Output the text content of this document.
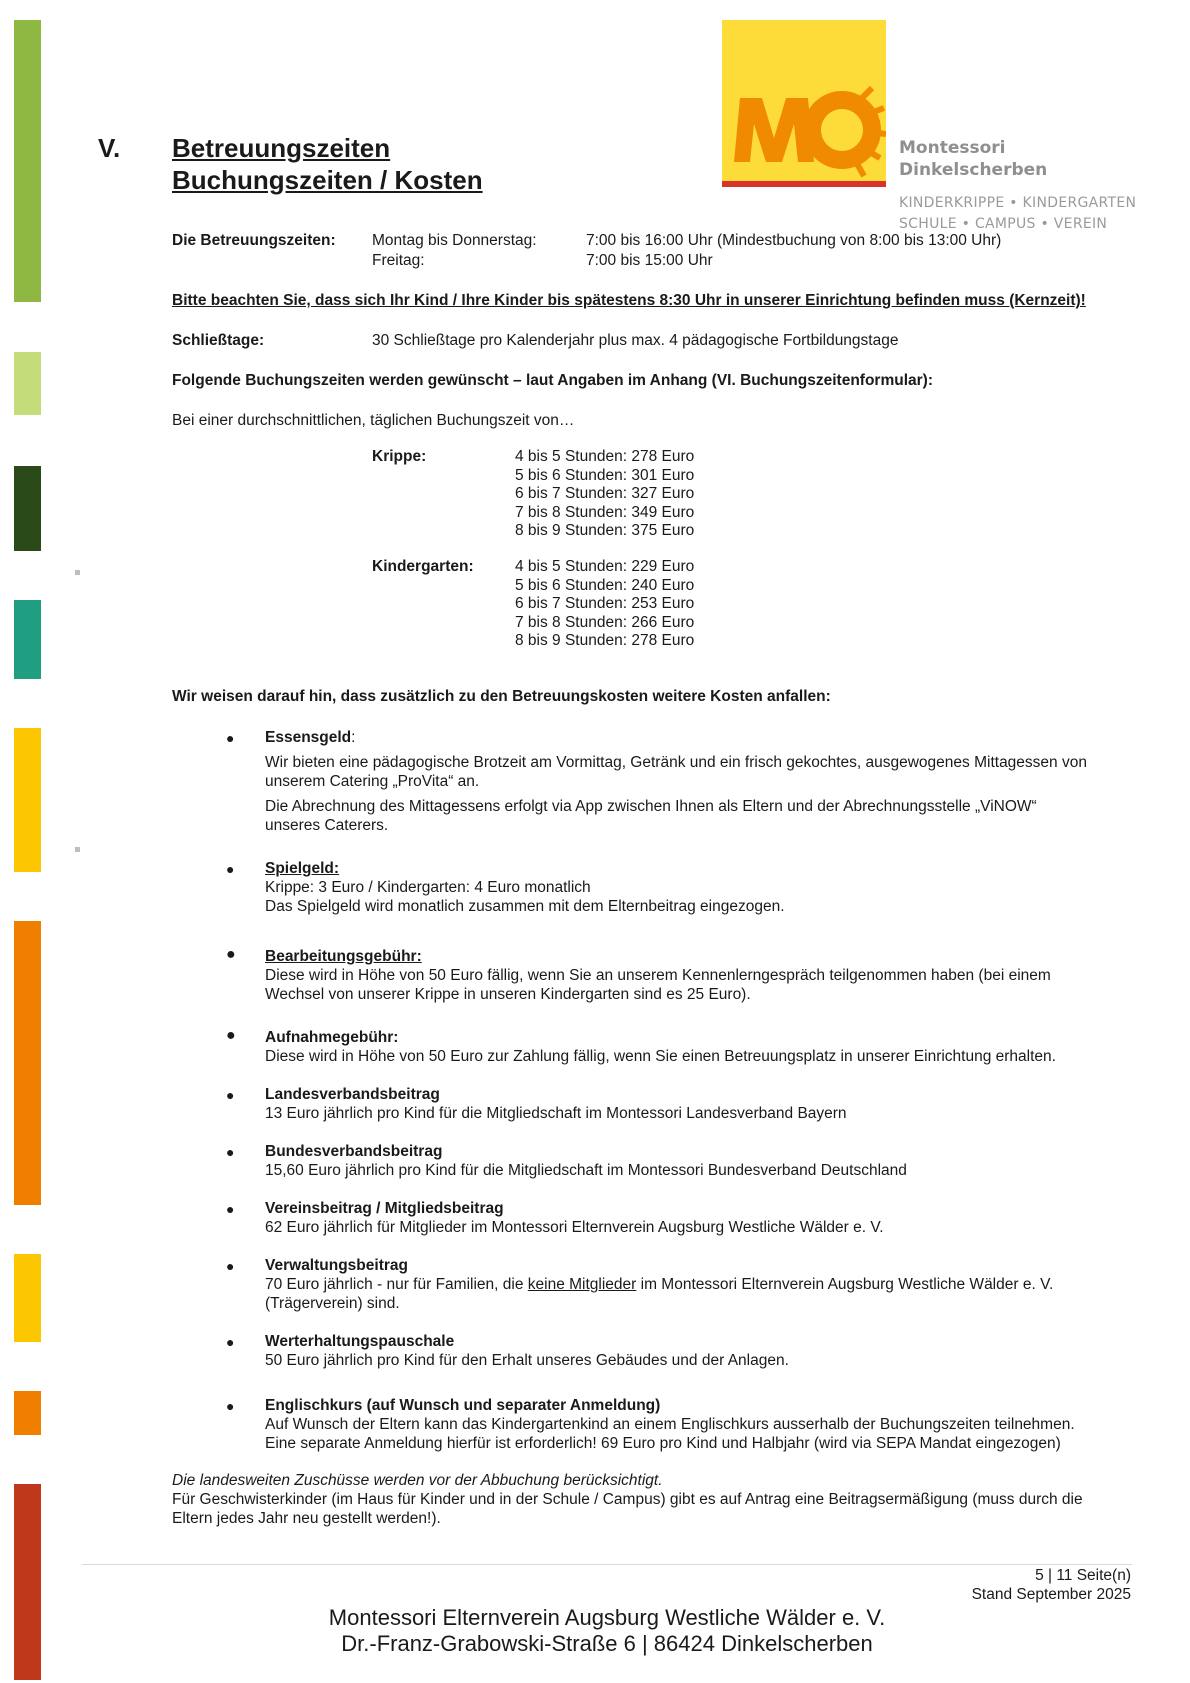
Montessori
Dinkelscherben
KINDERKRIPPE • KINDERGARTEN
SCHULE • CAMPUS • VEREIN
V. Betreuungszeiten
Buchungszeiten / Kosten
Die Betreuungszeiten: Montag bis Donnerstag:	7:00 bis 16:00 Uhr (Mindestbuchung von 8:00 bis 13:00 Uhr)
Freitag:	7:00 bis 15:00 Uhr
Bitte beachten Sie, dass sich Ihr Kind / Ihre Kinder bis spätestens 8:30 Uhr in unserer Einrichtung befinden muss (Kernzeit)!
Schließtage:	30 Schließtage pro Kalenderjahr plus max. 4 pädagogische Fortbildungstage
Folgende Buchungszeiten werden gewünscht – laut Angaben im Anhang (VI. Buchungszeitenformular):
Bei einer durchschnittlichen, täglichen Buchungszeit von…
Krippe:	4 bis 5 Stunden: 278 Euro
5 bis 6 Stunden: 301 Euro
6 bis 7 Stunden: 327 Euro
7 bis 8 Stunden: 349 Euro
8 bis 9 Stunden: 375 Euro
Kindergarten:	4 bis 5 Stunden: 229 Euro
5 bis 6 Stunden: 240 Euro
6 bis 7 Stunden: 253 Euro
7 bis 8 Stunden: 266 Euro
8 bis 9 Stunden: 278 Euro
Wir weisen darauf hin, dass zusätzlich zu den Betreuungskosten weitere Kosten anfallen:
● Essensgeld:
Wir bieten eine pädagogische Brotzeit am Vormittag, Getränk und ein frisch gekochtes, ausgewogenes Mittagessen von
unserem Catering „ProVita“ an.
Die Abrechnung des Mittagessens erfolgt via App zwischen Ihnen als Eltern und der Abrechnungsstelle „ViNOW“
unseres Caterers.
● Spielgeld:
Krippe: 3 Euro / Kindergarten: 4 Euro monatlich
Das Spielgeld wird monatlich zusammen mit dem Elternbeitrag eingezogen.
● Bearbeitungsgebühr:
Diese wird in Höhe von 50 Euro fällig, wenn Sie an unserem Kennenlerngespräch teilgenommen haben (bei einem
Wechsel von unserer Krippe in unseren Kindergarten sind es 25 Euro).
● Aufnahmegebühr:
Diese wird in Höhe von 50 Euro zur Zahlung fällig, wenn Sie einen Betreuungsplatz in unserer Einrichtung erhalten.
● Landesverbandsbeitrag
13 Euro jährlich pro Kind für die Mitgliedschaft im Montessori Landesverband Bayern
● Bundesverbandsbeitrag
15,60 Euro jährlich pro Kind für die Mitgliedschaft im Montessori Bundesverband Deutschland
● Vereinsbeitrag / Mitgliedsbeitrag
62 Euro jährlich für Mitglieder im Montessori Elternverein Augsburg Westliche Wälder e. V.
● Verwaltungsbeitrag
70 Euro jährlich - nur für Familien, die keine Mitglieder im Montessori Elternverein Augsburg Westliche Wälder e. V.
(Trägerverein) sind.
● Werterhaltungspauschale
50 Euro jährlich pro Kind für den Erhalt unseres Gebäudes und der Anlagen.
● Englischkurs (auf Wunsch und separater Anmeldung)
Auf Wunsch der Eltern kann das Kindergartenkind an einem Englischkurs ausserhalb der Buchungszeiten teilnehmen.
Eine separate Anmeldung hierfür ist erforderlich! 69 Euro pro Kind und Halbjahr (wird via SEPA Mandat eingezogen)
Die landesweiten Zuschüsse werden vor der Abbuchung berücksichtigt.
Für Geschwisterkinder (im Haus für Kinder und in der Schule / Campus) gibt es auf Antrag eine Beitragsermäßigung (muss durch die
Eltern jedes Jahr neu gestellt werden!).
5 | 11 Seite(n)
Stand September 2025
Montessori Elternverein Augsburg Westliche Wälder e. V.
Dr.-Franz-Grabowski-Straße 6 | 86424 Dinkelscherben
